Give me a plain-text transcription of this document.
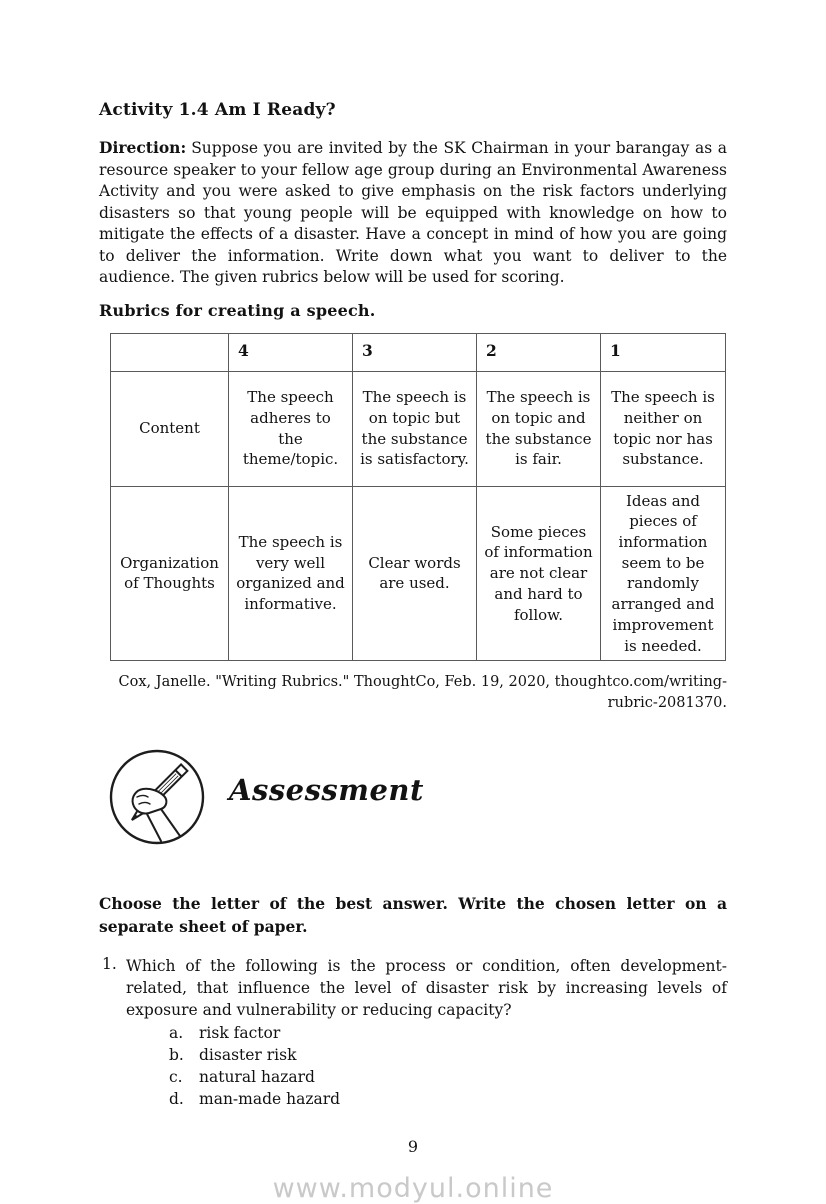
Activity 1.4 Am I Ready?

Direction: Suppose you are invited by the SK Chairman in your barangay as a resource speaker to your fellow age group during an Environmental Awareness Activity and you were asked to give emphasis on the risk factors underlying disasters so that young people will be equipped with knowledge on how to mitigate the effects of a disaster. Have a concept in mind of how you are going to deliver the information. Write down what you want to deliver to the audience. The given rubrics below will be used for scoring.

Rubrics for creating a speech.
	4	3	2	1
Content	The speech adheres to the theme/topic.	The speech is on topic but the substance is satisfactory.	The speech is on topic and the substance is fair.	The speech is neither on topic nor has substance.
Organization of Thoughts	The speech is very well organized and informative.	Clear words are used.	Some pieces of information are not clear and hard to follow.	Ideas and pieces of information seem to be randomly arranged and improvement is needed.

Cox, Janelle. "Writing Rubrics." ThoughtCo, Feb. 19, 2020, thoughtco.com/writing-rubric-2081370.

Assessment

Choose the letter of the best answer. Write the chosen letter on a separate sheet of paper.

1. Which of the following is the process or condition, often development-related, that influence the level of disaster risk by increasing levels of exposure and vulnerability or reducing capacity?
a.	risk factor
b. disaster risk
c.	natural hazard
d. man-made hazard
9
www.modyul.online
